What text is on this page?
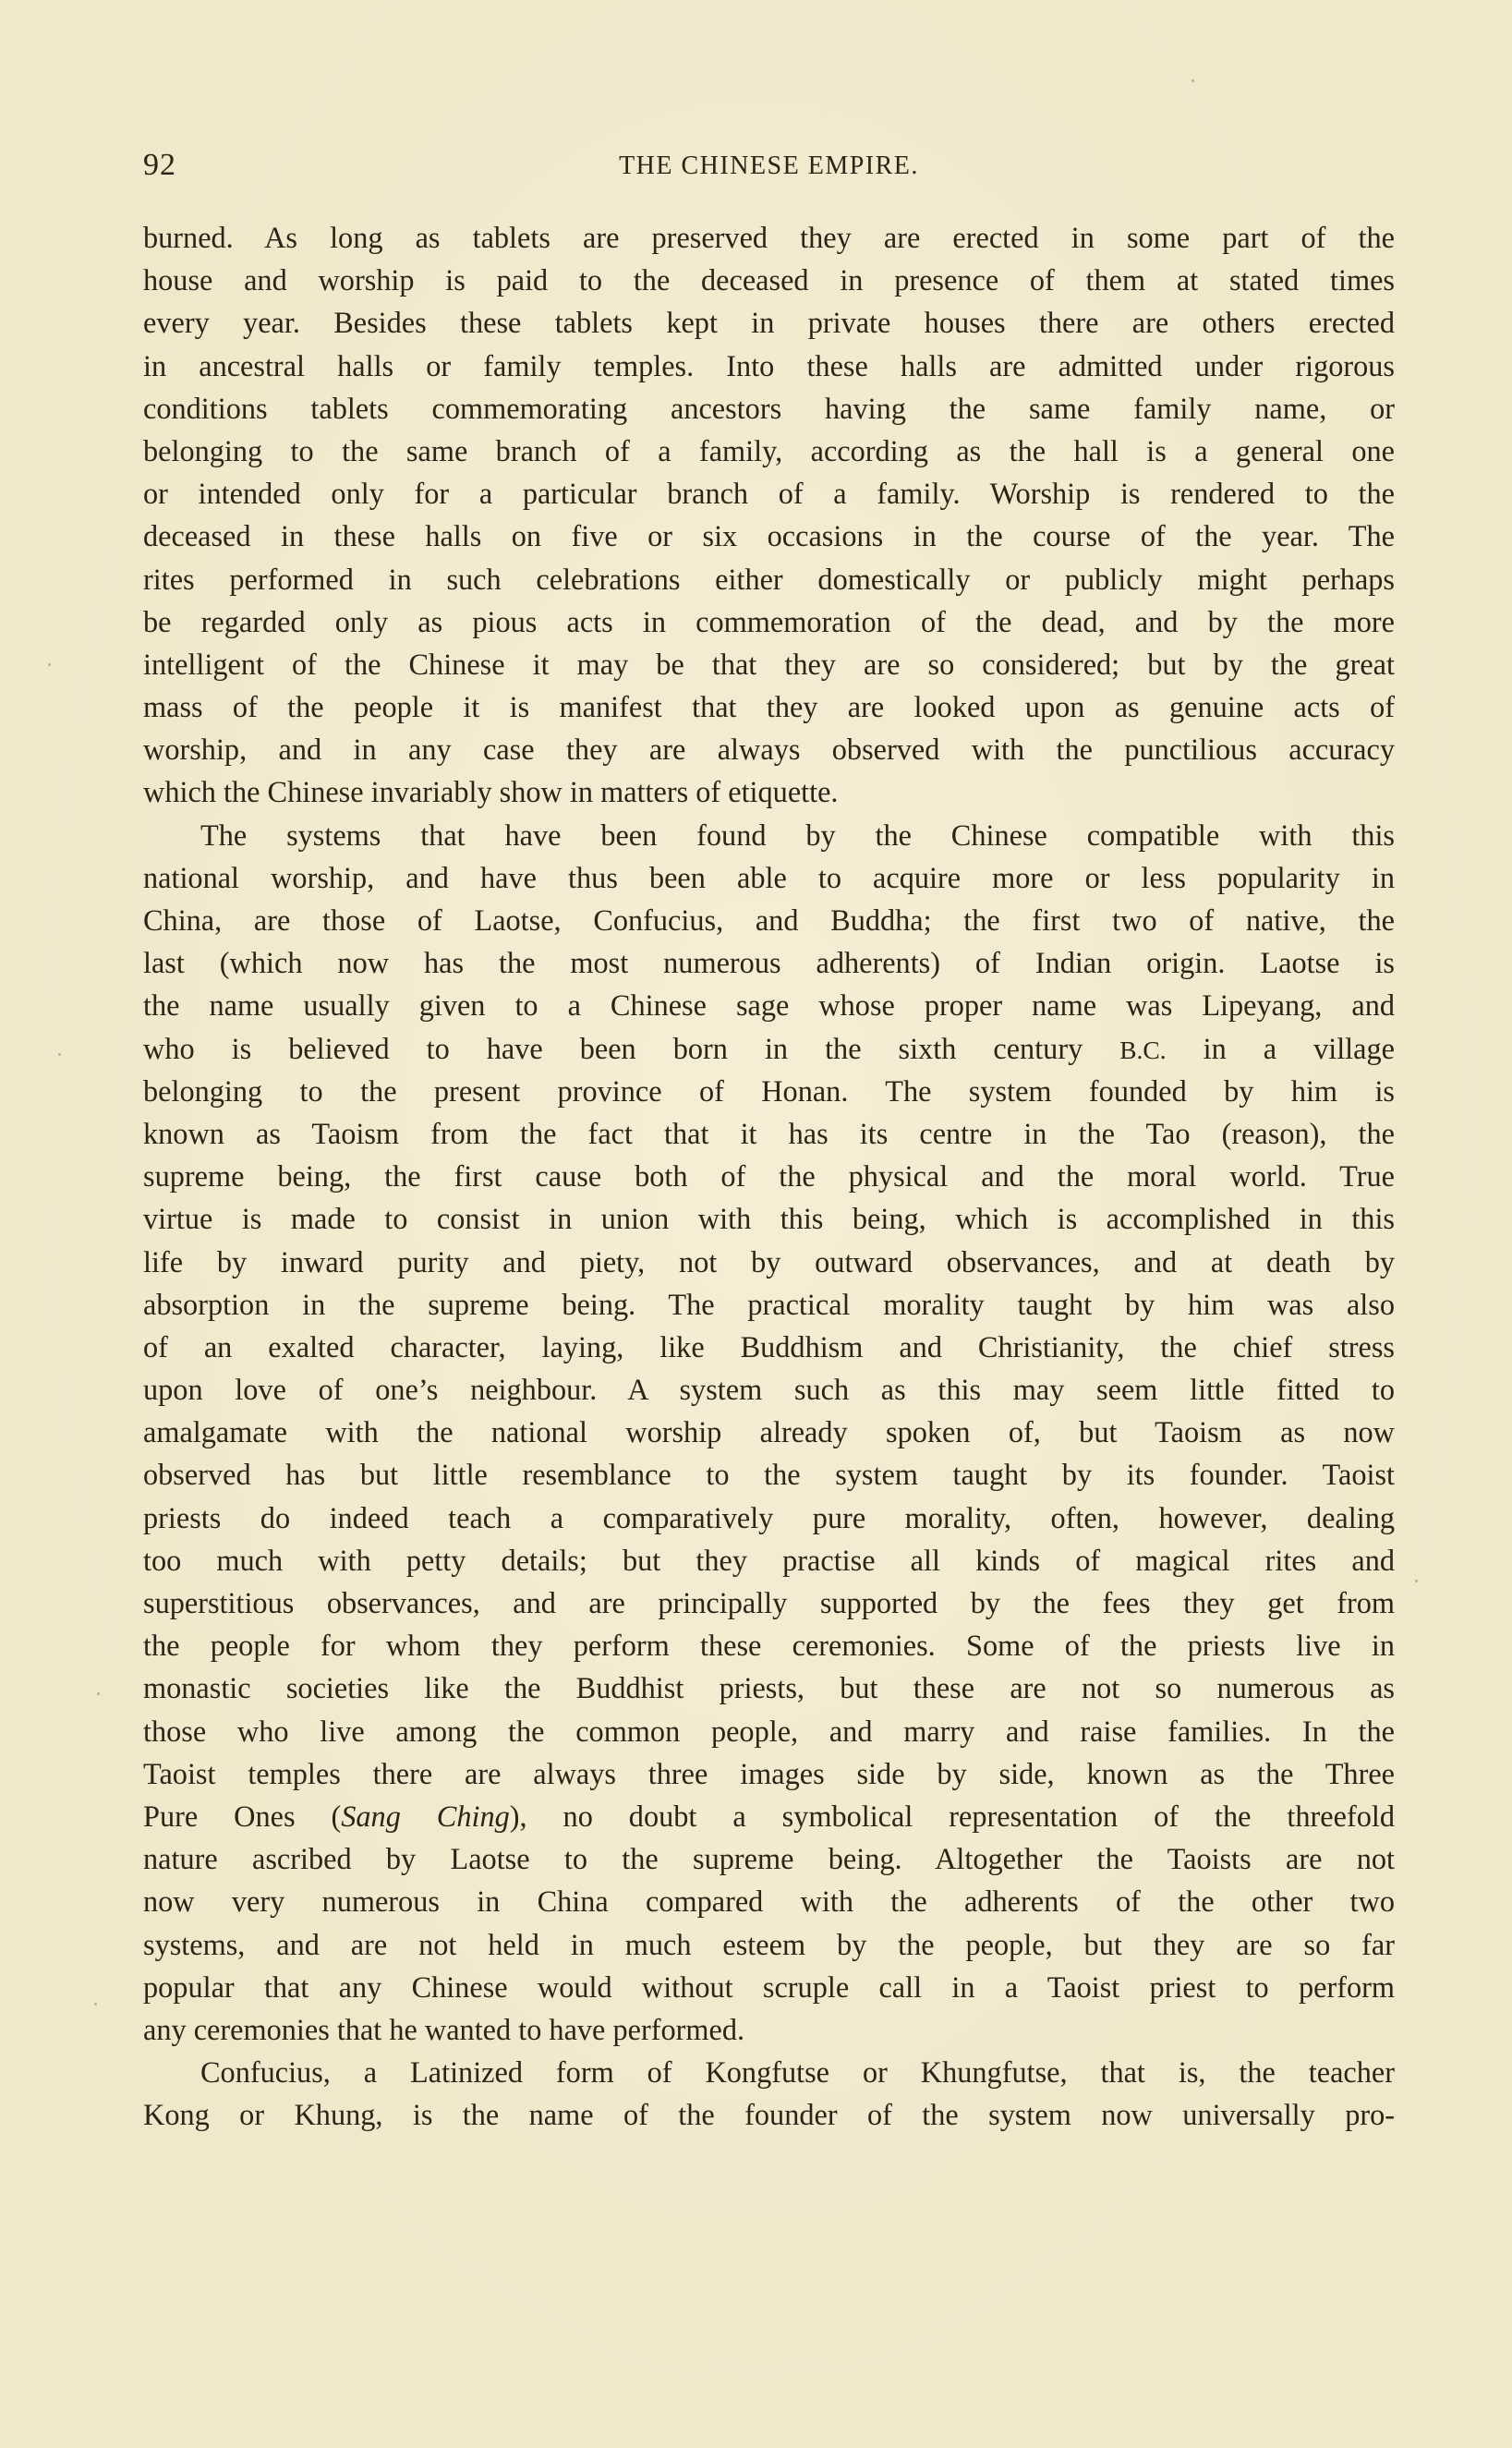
92	THE CHINESE EMPIRE.
burned. As long as tablets are preserved they are erected in some part of the
house and worship is paid to the deceased in presence of them at stated times
every year. Besides these tablets kept in private houses there are others erected
in ancestral halls or family temples. Into these halls are admitted under rigorous
conditions tablets commemorating ancestors having the same family name, or
belonging to the same branch of a family, according as the hall is a general one
or intended only for a particular branch of a family. Worship is rendered to the
deceased in these halls on five or six occasions in the course of the year. The
rites performed in such celebrations either domestically or publicly might perhaps
be regarded only as pious acts in commemoration of the dead, and by the more
intelligent of the Chinese it may be that they are so considered; but by the great
mass of the people it is manifest that they are looked upon as genuine acts of
worship, and in any case they are always observed with the punctilious accuracy
which the Chinese invariably show in matters of etiquette.
The systems that have been found by the Chinese compatible with this
national worship, and have thus been able to acquire more or less popularity in
China, are those of Laotse, Confucius, and Buddha; the first two of native, the
last (which now has the most numerous adherents) of Indian origin. Laotse is
the name usually given to a Chinese sage whose proper name was Lipeyang, and
who is believed to have been born in the sixth century B.C. in a village
belonging to the present province of Honan. The system founded by him is
known as Taoism from the fact that it has its centre in the Tao (reason), the
supreme being, the first cause both of the physical and the moral world. True
virtue is made to consist in union with this being, which is accomplished in this
life by inward purity and piety, not by outward observances, and at death by
absorption in the supreme being. The practical morality taught by him was also
of an exalted character, laying, like Buddhism and Christianity, the chief stress
upon love of one’s neighbour. A system such as this may seem little fitted to
amalgamate with the national worship already spoken of, but Taoism as now
observed has but little resemblance to the system taught by its founder. Taoist
priests do indeed teach a comparatively pure morality, often, however, dealing
too much with petty details; but they practise all kinds of magical rites and
superstitious observances, and are principally supported by the fees they get from
the people for whom they perform these ceremonies. Some of the priests live in
monastic societies like the Buddhist priests, but these are not so numerous as
those who live among the common people, and marry and raise families. In the
Taoist temples there are always three images side by side, known as the Three
Pure Ones (Sang Ching), no doubt a symbolical representation of the threefold
nature ascribed by Laotse to the supreme being. Altogether the Taoists are not
now very numerous in China compared with the adherents of the other two
systems, and are not held in much esteem by the people, but they are so far
popular that any Chinese would without scruple call in a Taoist priest to perform
any ceremonies that he wanted to have performed.
Confucius, a Latinized form of Kongfutse or Khungfutse, that is, the teacher
Kong or Khung, is the name of the founder of the system now universally pro-
